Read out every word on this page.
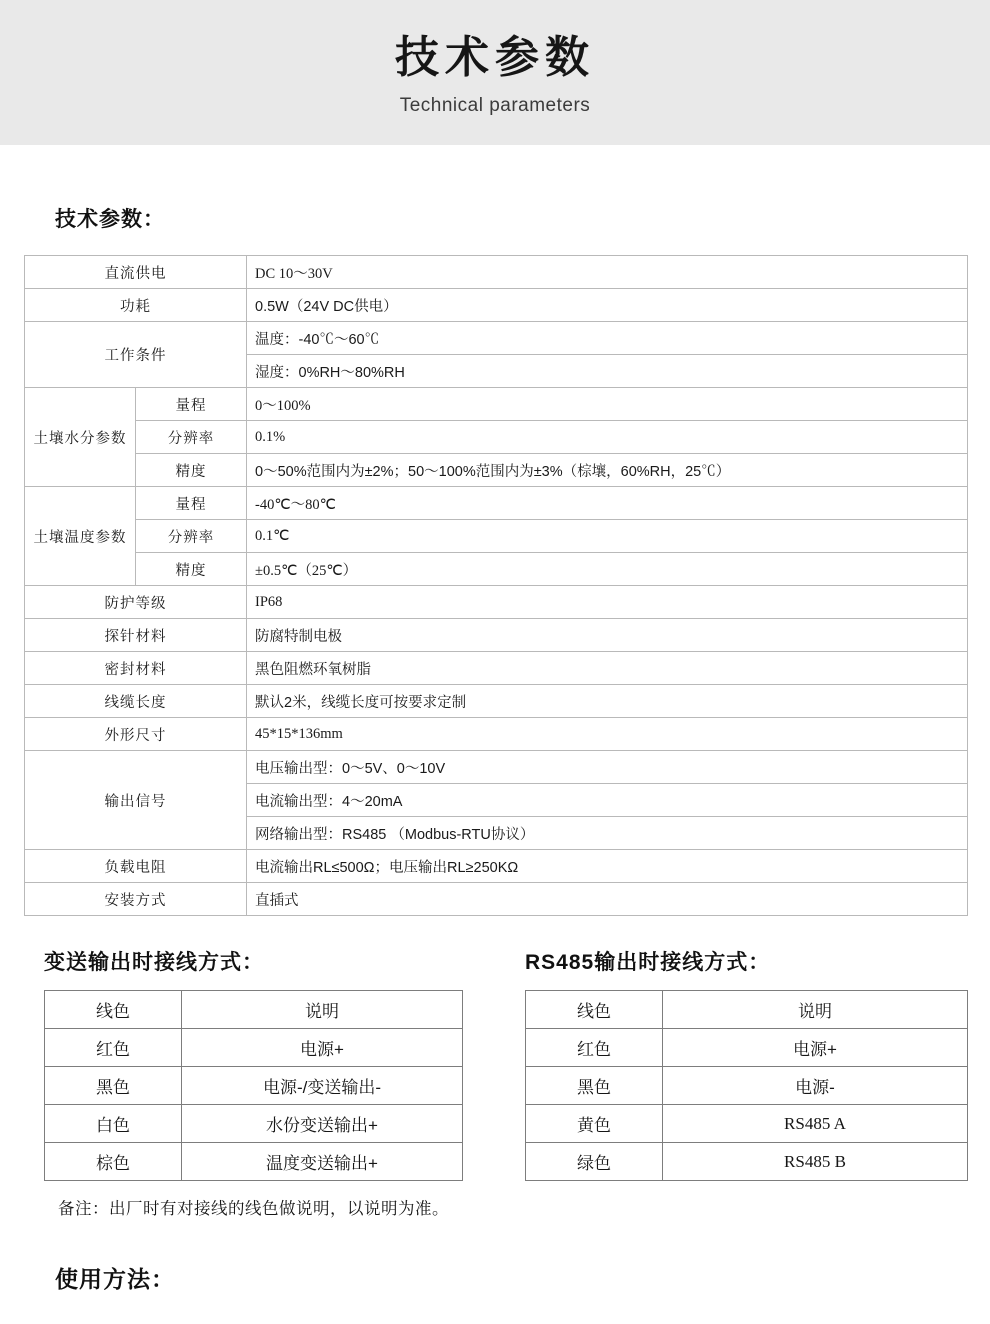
技术参数
Technical parameters
技术参数：
直流供电		DC 10～30V
功耗		0.5W（24V DC供电）
工作条件		温度：-40℃～60℃
		湿度：0%RH～80%RH
土壤水分参数	量程	0～100%
	分辨率	0.1%
	精度	0～50%范围内为±2%；50～100%范围内为±3%（棕壤，60%RH，25℃）
土壤温度参数	量程	-40℃～80℃
	分辨率	0.1℃
	精度	±0.5℃（25℃）
防护等级		IP68
探针材料		防腐特制电极
密封材料		黑色阻燃环氧树脂
线缆长度		默认2米，线缆长度可按要求定制
外形尺寸		45*15*136mm
输出信号		电压输出型：0～5V、0～10V
		电流输出型：4～20mA
		网络输出型：RS485 （Modbus-RTU协议）
负载电阻		电流输出RL≤500Ω；电压输出RL≥250KΩ
安装方式		直插式
变送输出时接线方式：
线色	说明
红色	电源+
黑色	电源-/变送输出-
白色	水份变送输出+
棕色	温度变送输出+
RS485输出时接线方式：
线色	说明
红色	电源+
黑色	电源-
黄色	RS485 A
绿色	RS485 B
备注：出厂时有对接线的线色做说明，以说明为准。
使用方法：
